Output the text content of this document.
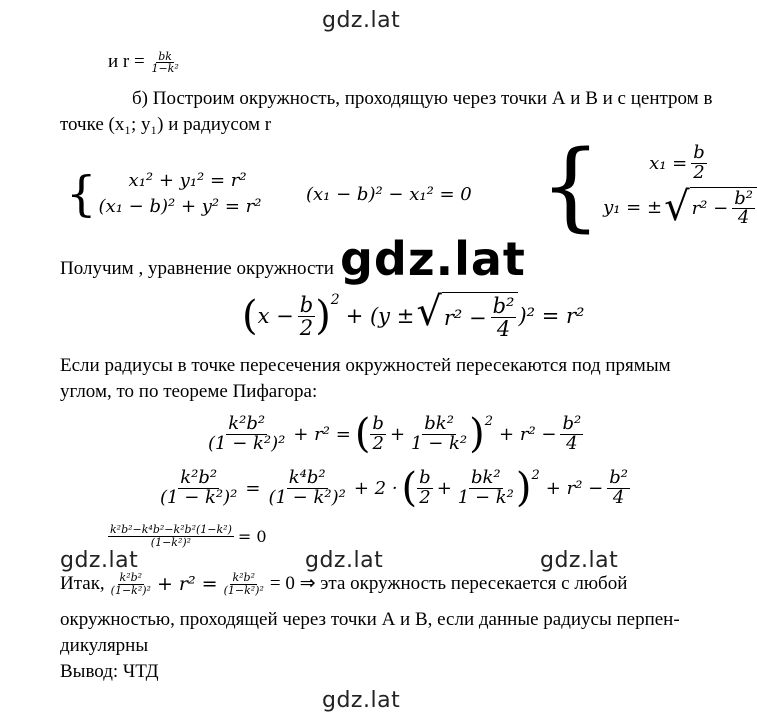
gdz.lat
gdz.lat
gdz.lat	gdz.lat	gdz.lat
gdz.lat
и $r = \frac{bk}{\text{1−k²}}$
б) Построим окружность, проходящую через точки А и В и с центром в
точке (x₁; y₁) и радиусом r
{	x₁² + y₁² = r²
(x₁ − b)² + y² = r²
(x₁ − b)² − x₁² = 0 {	$x_1 = \frac{b}{2}$
y₁ = ± √ $r^2 - \frac{\text{b²}}{4}$
Получим , уравнение окружности
( $x - \frac{b}{2}$ ) 2
+ (y ± √ $r^2 - \frac{\text{b²}}{4} )^2 = r^2$
Если радиусы в точке пересечения окружностей пересекаются под прямым
углом, то по теореме Пифагора:
$\frac{\text{k²b²}}{\text{(1 − k²)²}} + r^2$ = ( $\frac{b}{2} + \frac{\text{bk²}}{\text{1 − k²}}$ ) 2
+ $r^2 - \frac{\text{b²}}{4}$
$\frac{\text{k²b²}}{\text{(1 − k²)²}} = \frac{\text{k⁴b²}}{\text{(1 − k²)²}} + 2$ · ( $\frac{b}{2} + \frac{\text{bk²}}{\text{1 − k²}}$ ) 2
+ $r^2 - \frac{\text{b²}}{4}$
$\frac{\text{k²b²−k⁴b²−k²b²(1−k²)}}{\text{(1−k²)²}} = 0$
Итак, $\frac{\text{k²b²}}{\text{(1−k²)²}} + r^2 = \frac{\text{k²b²}}{\text{(1−k²)²}} = 0$ ⇒ эта окружность пересекается с любой
окружностью, проходящей через точки А и В, если данные радиусы перпен-
дикулярны
Вывод: ЧТД
